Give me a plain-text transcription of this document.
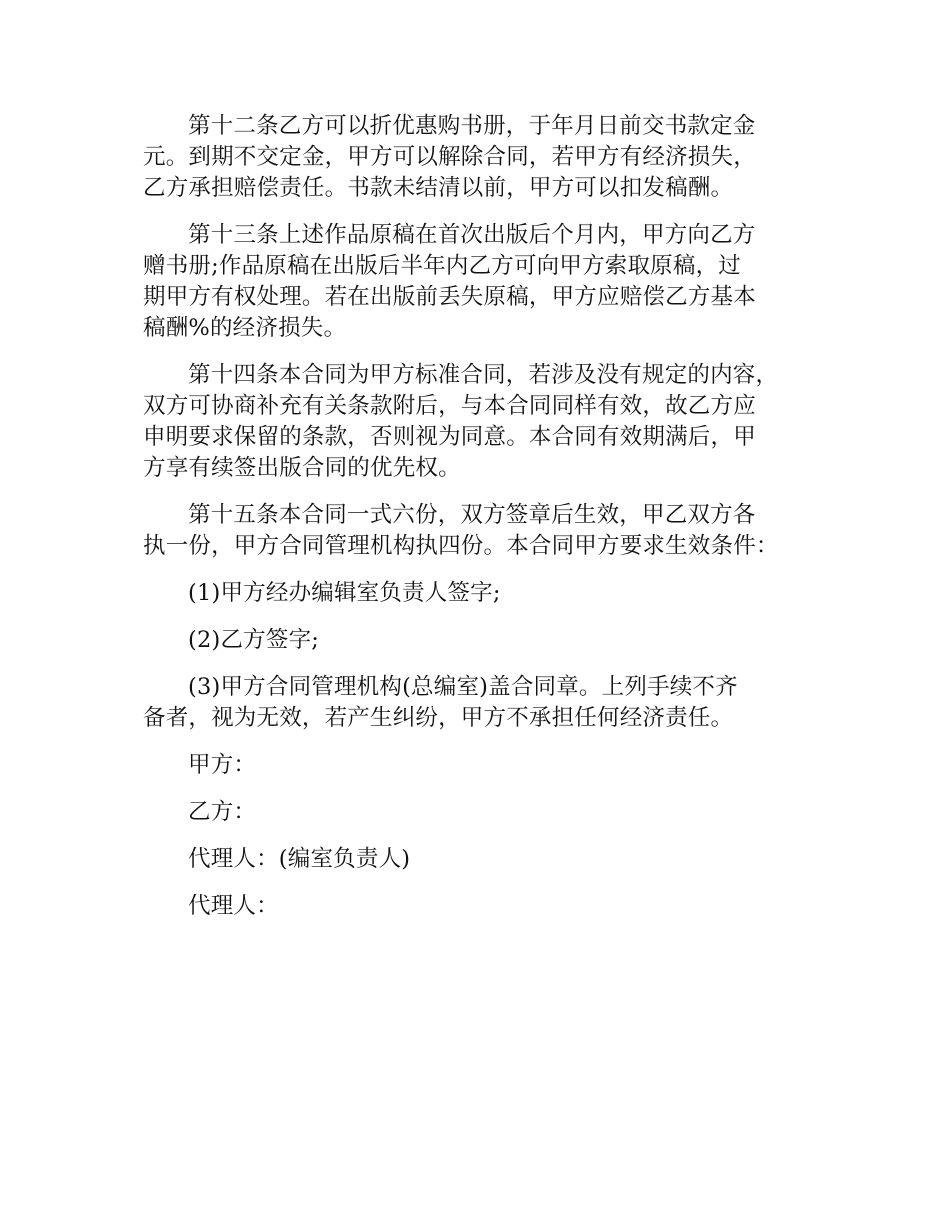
第十二条乙方可以折优惠购书册，于年月日前交书款定金
元。到期不交定金，甲方可以解除合同，若甲方有经济损失，
乙方承担赔偿责任。书款未结清以前，甲方可以扣发稿酬。

第十三条上述作品原稿在首次出版后个月内，甲方向乙方
赠书册;作品原稿在出版后半年内乙方可向甲方索取原稿，过
期甲方有权处理。若在出版前丢失原稿，甲方应赔偿乙方基本
稿酬%的经济损失。

第十四条本合同为甲方标准合同，若涉及没有规定的内容，
双方可协商补充有关条款附后，与本合同同样有效，故乙方应
申明要求保留的条款，否则视为同意。本合同有效期满后，甲
方享有续签出版合同的优先权。

第十五条本合同一式六份，双方签章后生效，甲乙双方各
执一份，甲方合同管理机构执四份。本合同甲方要求生效条件：

(1)甲方经办编辑室负责人签字;

(2)乙方签字;

(3)甲方合同管理机构(总编室)盖合同章。上列手续不齐
备者，视为无效，若产生纠纷，甲方不承担任何经济责任。

甲方：

乙方：

代理人：(编室负责人)

代理人：
